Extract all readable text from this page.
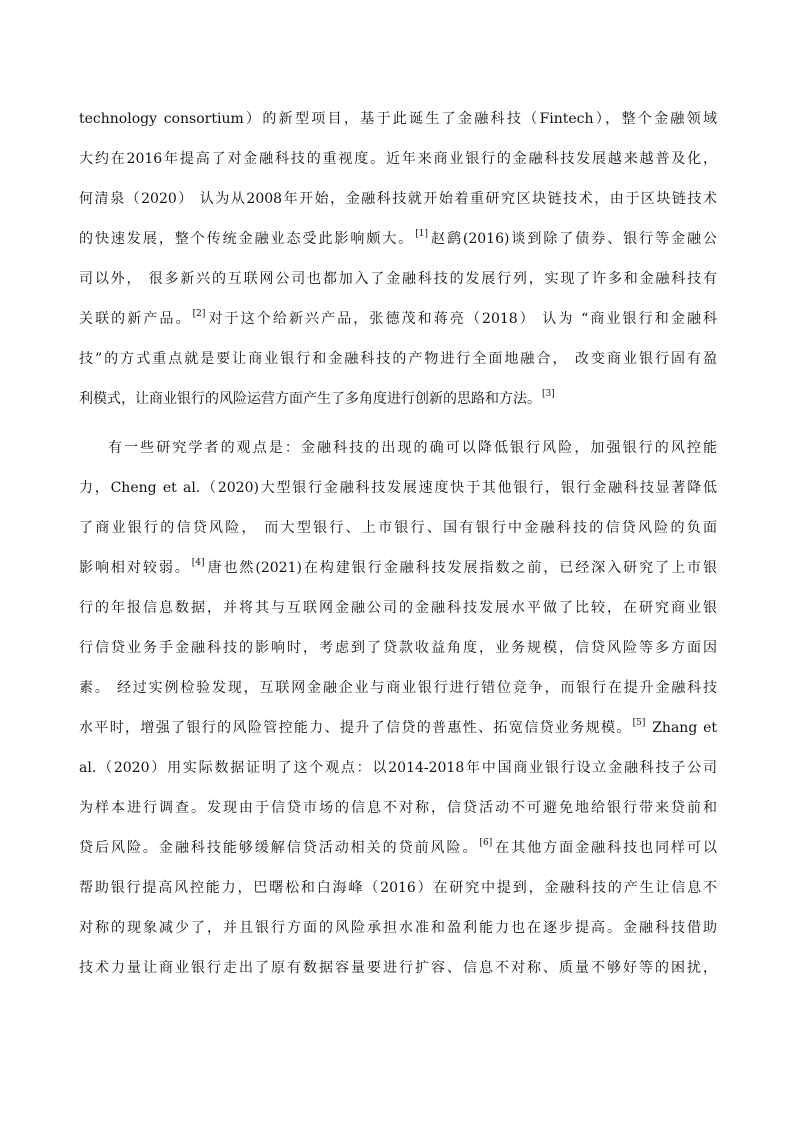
technology consortium）的新型项目，基于此诞生了金融科技（Fintech），整个金融领域
大约在2016年提高了对金融科技的重视度。近年来商业银行的金融科技发展越来越普及化，
何清泉（2020） 认为从2008年开始，金融科技就开始着重研究区块链技术，由于区块链技术
的快速发展，整个传统金融业态受此影响颇大。[1]赵鹞(2016)谈到除了债券、银行等金融公
司以外， 很多新兴的互联网公司也都加入了金融科技的发展行列，实现了许多和金融科技有
关联的新产品。[2]对于这个给新兴产品，张德茂和蒋亮（2018） 认为 “商业银行和金融科
技”的方式重点就是要让商业银行和金融科技的产物进行全面地融合， 改变商业银行固有盈
利模式，让商业银行的风险运营方面产生了多角度进行创新的思路和方法。[3]
有一些研究学者的观点是：金融科技的出现的确可以降低银行风险，加强银行的风控能
力，Cheng et al.（2020)大型银行金融科技发展速度快于其他银行，银行金融科技显著降低
了商业银行的信贷风险， 而大型银行、上市银行、国有银行中金融科技的信贷风险的负面
影响相对较弱。[4]唐也然(2021)在构建银行金融科技发展指数之前，已经深入研究了上市银
行的年报信息数据，并将其与互联网金融公司的金融科技发展水平做了比较，在研究商业银
行信贷业务手金融科技的影响时，考虑到了贷款收益角度，业务规模，信贷风险等多方面因
素。 经过实例检验发现，互联网金融企业与商业银行进行错位竞争，而银行在提升金融科技
水平时，增强了银行的风险管控能力、提升了信贷的普惠性、拓宽信贷业务规模。[5] Zhang et
al.（2020）用实际数据证明了这个观点：以2014-2018年中国商业银行设立金融科技子公司
为样本进行调查。发现由于信贷市场的信息不对称，信贷活动不可避免地给银行带来贷前和
贷后风险。金融科技能够缓解信贷活动相关的贷前风险。[6]在其他方面金融科技也同样可以
帮助银行提高风控能力，巴曙松和白海峰（2016）在研究中提到，金融科技的产生让信息不
对称的现象减少了，并且银行方面的风险承担水准和盈利能力也在逐步提高。金融科技借助
技术力量让商业银行走出了原有数据容量要进行扩容、信息不对称、质量不够好等的困扰，
